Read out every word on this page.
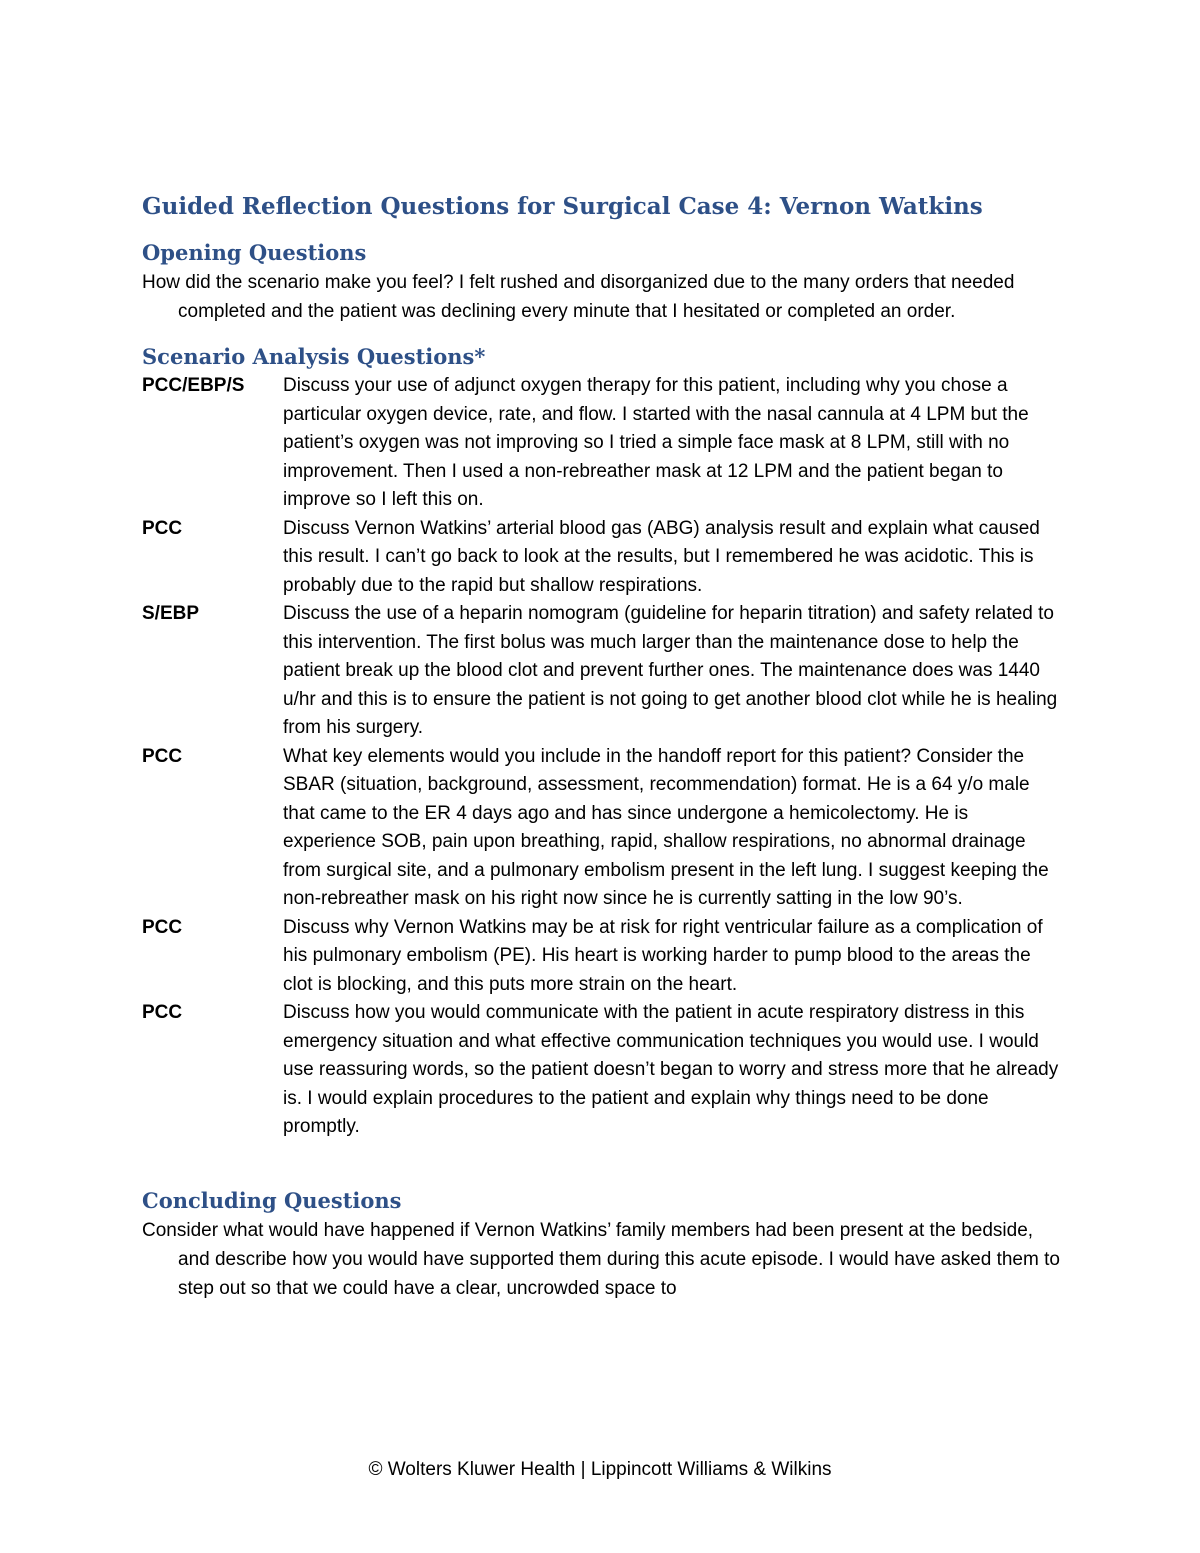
Guided Reflection Questions for Surgical Case 4: Vernon Watkins
Opening Questions

How did the scenario make you feel? I felt rushed and disorganized due to the many orders that needed completed and the patient was declining every minute that I hesitated or completed an order.

Scenario Analysis Questions*
PCC/EBP/S	Discuss your use of adjunct oxygen therapy for this patient, including why you chose a particular oxygen device, rate, and flow. I started with the nasal cannula at 4 LPM but the patient’s oxygen was not improving so I tried a simple face mask at 8 LPM, still with no improvement. Then I used a non-rebreather mask at 12 LPM and the patient began to improve so I left this on.
PCC	Discuss Vernon Watkins’ arterial blood gas (ABG) analysis result and explain what caused this result. I can’t go back to look at the results, but I remembered he was acidotic. This is probably due to the rapid but shallow respirations.
S/EBP	Discuss the use of a heparin nomogram (guideline for heparin titration) and safety related to this intervention. The first bolus was much larger than the maintenance dose to help the patient break up the blood clot and prevent further ones. The maintenance does was 1440 u/hr and this is to ensure the patient is not going to get another blood clot while he is healing from his surgery.
PCC	What key elements would you include in the handoff report for this patient? Consider the SBAR (situation, background, assessment, recommendation) format. He is a 64 y/o male that came to the ER 4 days ago and has since undergone a hemicolectomy. He is experience SOB, pain upon breathing, rapid, shallow respirations, no abnormal drainage from surgical site, and a pulmonary embolism present in the left lung. I suggest keeping the non-rebreather mask on his right now since he is currently satting in the low 90’s.
PCC	Discuss why Vernon Watkins may be at risk for right ventricular failure as a complication of his pulmonary embolism (PE). His heart is working harder to pump blood to the areas the clot is blocking, and this puts more strain on the heart.
PCC	Discuss how you would communicate with the patient in acute respiratory distress in this emergency situation and what effective communication techniques you would use. I would use reassuring words, so the patient doesn’t began to worry and stress more that he already is. I would explain procedures to the patient and explain why things need to be done promptly.
Concluding Questions

Consider what would have happened if Vernon Watkins’ family members had been present at the bedside, and describe how you would have supported them during this acute episode. I would have asked them to step out so that we could have a clear, uncrowded space to

© Wolters Kluwer Health | Lippincott Williams & Wilkins
